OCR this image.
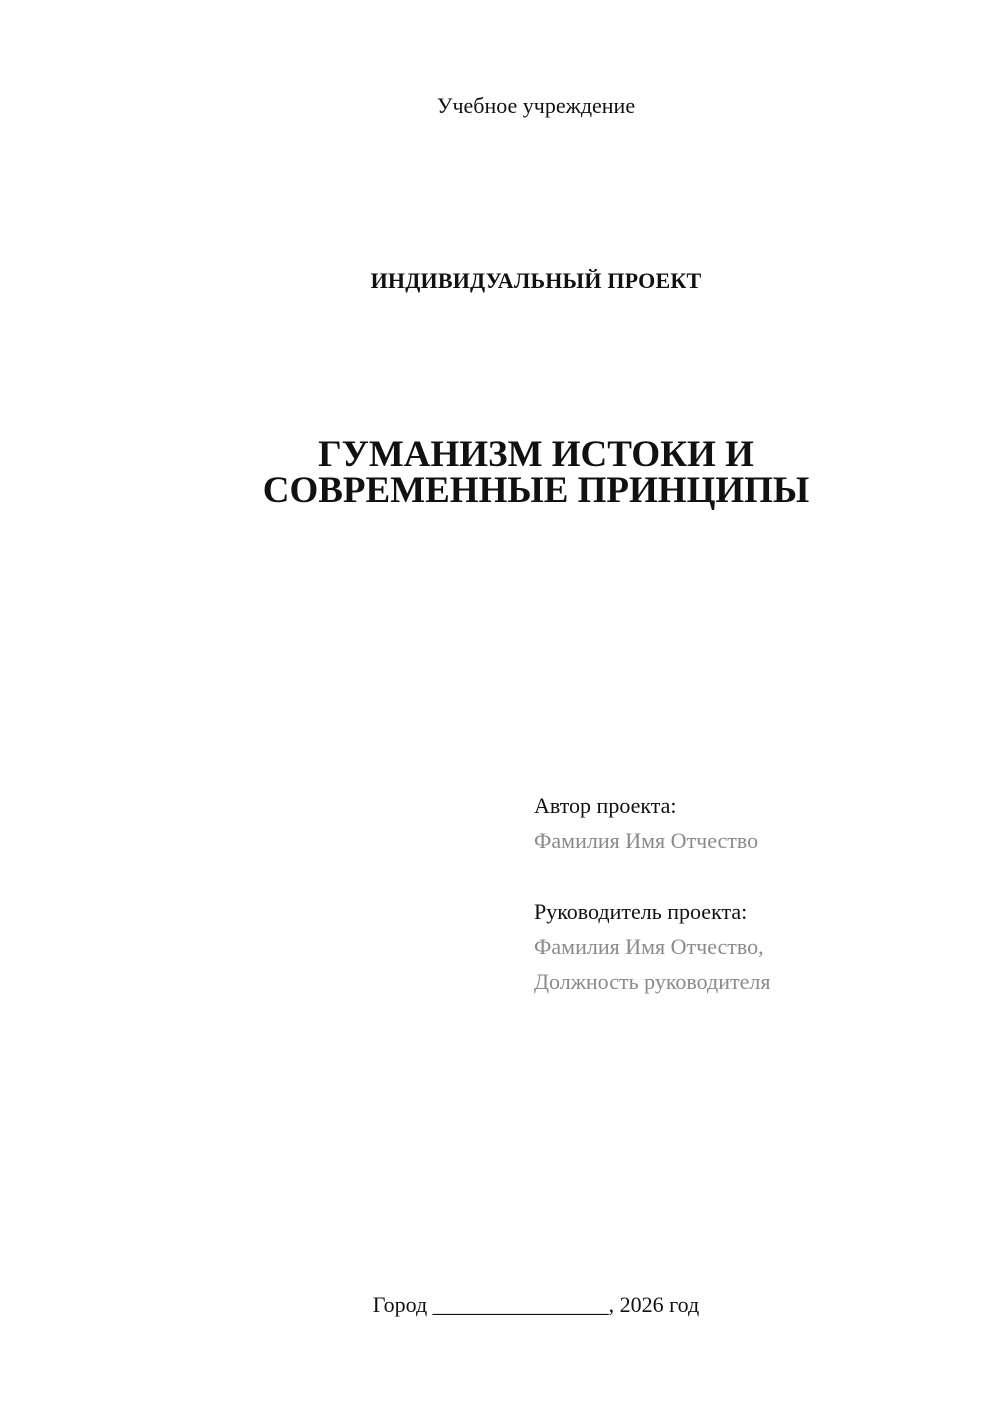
Учебное учреждение
ИНДИВИДУАЛЬНЫЙ ПРОЕКТ
ГУМАНИЗМ ИСТОКИ И
СОВРЕМЕННЫЕ ПРИНЦИПЫ
Автор проекта:
Фамилия Имя Отчество
Руководитель проекта:
Фамилия Имя Отчество,
Должность руководителя
Город ________________, 2026 год
